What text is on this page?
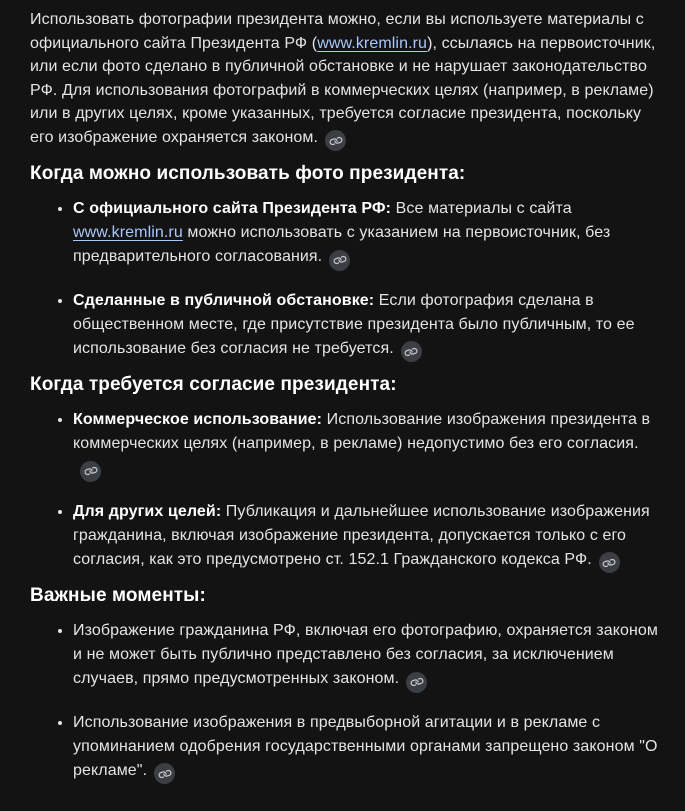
Использовать фотографии президента можно, если вы используете материалы с официального сайта Президента РФ (www.kremlin.ru), ссылаясь на первоисточник, или если фото сделано в публичной обстановке и не нарушает законодательство РФ. Для использования фотографий в коммерческих целях (например, в рекламе) или в других целях, кроме указанных, требуется согласие президента, поскольку его изображение охраняется законом.

Когда можно использовать фото президента:
• С официального сайта Президента РФ: Все материалы с сайта www.kremlin.ru можно использовать с указанием на первоисточник, без предварительного согласования.
• Сделанные в публичной обстановке: Если фотография сделана в общественном месте, где присутствие президента было публичным, то ее использование без согласия не требуется.
Когда требуется согласие президента:
• Коммерческое использование: Использование изображения президента в коммерческих целях (например, в рекламе) недопустимо без его согласия.
• Для других целей: Публикация и дальнейшее использование изображения гражданина, включая изображение президента, допускается только с его согласия, как это предусмотрено ст. 152.1 Гражданского кодекса РФ.
Важные моменты:
• Изображение гражданина РФ, включая его фотографию, охраняется законом и не может быть публично представлено без согласия, за исключением случаев, прямо предусмотренных законом.
• Использование изображения в предвыборной агитации и в рекламе с упоминанием одобрения государственными органами запрещено законом "О рекламе".
